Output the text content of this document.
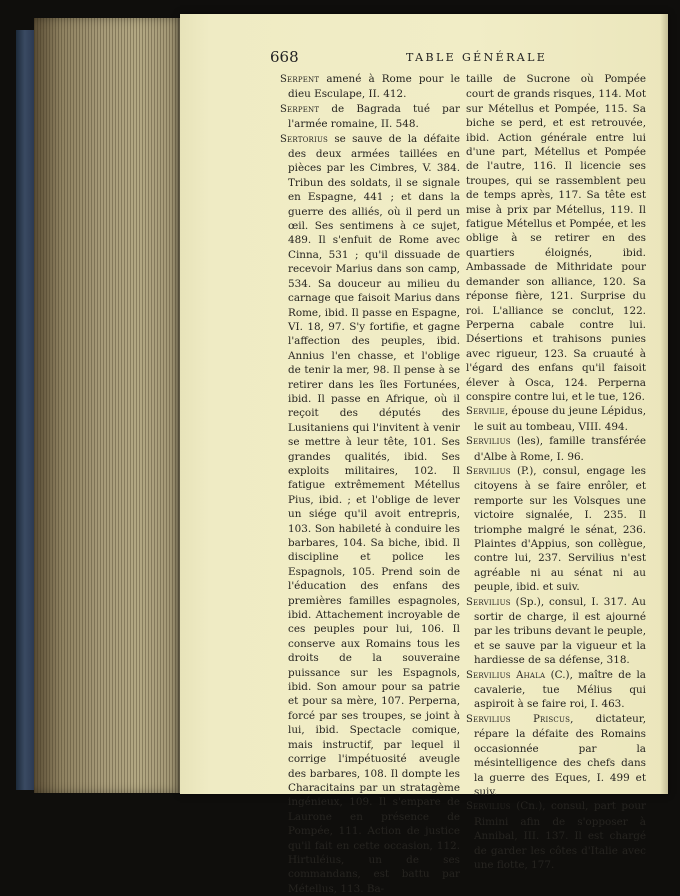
668	TABLE GÉNÉRALE

Serpent amené à Rome pour le dieu Esculape, II. 412.

Serpent de Bagrada tué par l'armée romaine, II. 548.

Sertorius se sauve de la défaite des deux armées taillées en pièces par les Cimbres, V. 384. Tribun des soldats, il se signale en Espagne, 441 ; et dans la guerre des alliés, où il perd un œil. Ses sentimens à ce sujet, 489. Il s'enfuit de Rome avec Cinna, 531 ; qu'il dissuade de recevoir Marius dans son camp, 534. Sa douceur au milieu du carnage que faisoit Marius dans Rome, ibid. Il passe en Espagne, VI. 18, 97. S'y fortifie, et gagne l'affection des peuples, ibid. Annius l'en chasse, et l'oblige de tenir la mer, 98. Il pense à se retirer dans les îles Fortunées, ibid. Il passe en Afrique, où il reçoit des députés des Lusitaniens qui l'invitent à venir se mettre à leur tête, 101. Ses grandes qualités, ibid. Ses exploits militaires, 102. Il fatigue extrêmement Métellus Pius, ibid. ; et l'oblige de lever un siége qu'il avoit entrepris, 103. Son habileté à conduire les barbares, 104. Sa biche, ibid. Il discipline et police les Espagnols, 105. Prend soin de l'éducation des enfans des premières familles espagnoles, ibid. Attachement incroyable de ces peuples pour lui, 106. Il conserve aux Romains tous les droits de la souveraine puissance sur les Espagnols, ibid. Son amour pour sa patrie et pour sa mère, 107. Perperna, forcé par ses troupes, se joint à lui, ibid. Spectacle comique, mais instructif, par lequel il corrige l'impétuosité aveugle des barbares, 108. Il dompte les Characitains par un stratagème ingénieux, 109. Il s'empare de Laurone en présence de Pompée, 111. Action de justice qu'il fait en cette occasion, 112. Hirtuléius, un de ses commandans, est battu par Métellus, 113. Ba-

taille de Sucrone où Pompée court de grands risques, 114. Mot sur Métellus et Pompée, 115. Sa biche se perd, et est retrouvée, ibid. Action générale entre lui d'une part, Métellus et Pompée de l'autre, 116. Il licencie ses troupes, qui se rassemblent peu de temps après, 117. Sa tête est mise à prix par Métellus, 119. Il fatigue Métellus et Pompée, et les oblige à se retirer en des quartiers éloignés, ibid. Ambassade de Mithridate pour demander son alliance, 120. Sa réponse fière, 121. Surprise du roi. L'alliance se conclut, 122. Perperna cabale contre lui. Désertions et trahisons punies avec rigueur, 123. Sa cruauté à l'égard des enfans qu'il faisoit élever à Osca, 124. Perperna conspire contre lui, et le tue, 126.

Servilie, épouse du jeune Lépidus, le suit au tombeau, VIII. 494.

Servilius (les), famille transférée d'Albe à Rome, I. 96.

Servilius (P.), consul, engage les citoyens à se faire enrôler, et remporte sur les Volsques une victoire signalée, I. 235. Il triomphe malgré le sénat, 236. Plaintes d'Appius, son collègue, contre lui, 237. Servilius n'est agréable ni au sénat ni au peuple, ibid. et suiv.

Servilius (Sp.), consul, I. 317. Au sortir de charge, il est ajourné par les tribuns devant le peuple, et se sauve par la vigueur et la hardiesse de sa défense, 318.

Servilius Ahala (C.), maître de la cavalerie, tue Mélius qui aspiroit à se faire roi, I. 463.

Servilius Priscus, dictateur, répare la défaite des Romains occasionnée par la mésintelligence des chefs dans la guerre des Eques, I. 499 et suiv.

Servilius (Cn.), consul, part pour Rimini afin de s'opposer à Annibal, III. 137. Il est chargé de garder les côtes d'Italie avec une flotte, 177.
